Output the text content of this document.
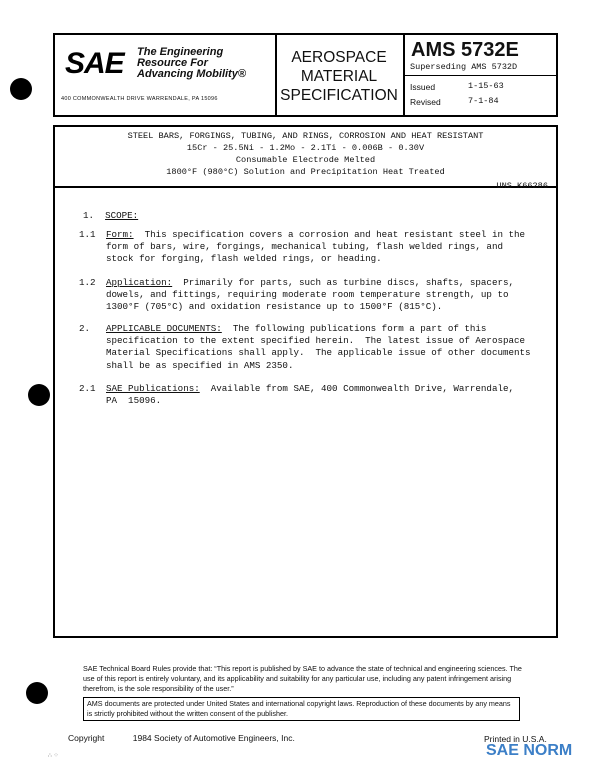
SAE The Engineering
Resource For
Advancing Mobility®
400 COMMONWEALTH DRIVE WARRENDALE, PA 15096
AEROSPACE
MATERIAL
SPECIFICATION
AMS 5732E
Superseding AMS 5732D
Issued	1-15-63
Revised	7-1-84
STEEL BARS, FORGINGS, TUBING, AND RINGS, CORROSION AND HEAT RESISTANT
15Cr - 25.5Ni - 1.2Mo - 2.1Ti - 0.006B - 0.30V
Consumable Electrode Melted
1800°F (980°C) Solution and Precipitation Heat Treated
UNS K66286
1. SCOPE:
1.1 Form:  This specification covers a corrosion and heat resistant steel in the
form of bars, wire, forgings, mechanical tubing, flash welded rings, and
stock for forging, flash welded rings, or heading.
1.2 Application:  Primarily for parts, such as turbine discs, shafts, spacers,
dowels, and fittings, requiring moderate room temperature strength, up to
1300°F (705°C) and oxidation resistance up to 1500°F (815°C).
2. APPLICABLE DOCUMENTS:  The following publications form a part of this
specification to the extent specified herein.  The latest issue of Aerospace
Material Specifications shall apply.  The applicable issue of other documents
shall be as specified in AMS 2350.
2.1 SAE Publications:  Available from SAE, 400 Commonwealth Drive, Warrendale,
PA  15096.
SAE Technical Board Rules provide that: “This report is published by SAE to advance the state of technical and engineering sciences. The use of this report is entirely voluntary, and its applicability and suitability for any particular use, including any patent infringement arising therefrom, is the sole responsibility of the user.”
AMS documents are protected under United States and international copyright laws. Reproduction of these documents by any means is strictly prohibited without the written consent of the publisher.
Copyright	1984 Society of Automotive Engineers, Inc.	Printed in U.S.A.
SAE NORM
∴ ⁘
